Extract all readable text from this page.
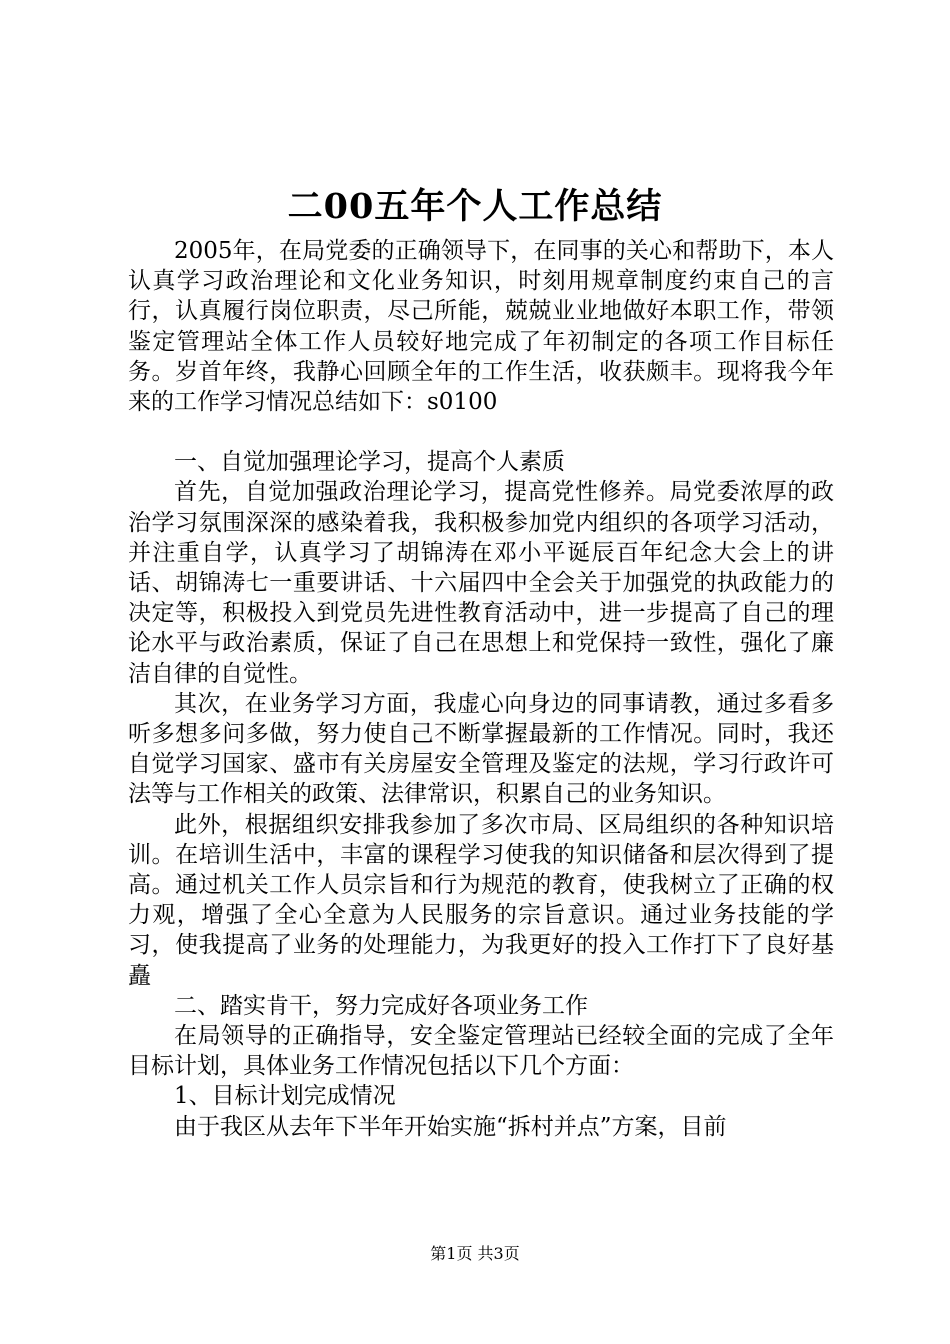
二00五年个人工作总结

2005年，在局党委的正确领导下，在同事的关心和帮助下，本人认真学习政治理论和文化业务知识，时刻用规章制度约束自己的言行，认真履行岗位职责，尽己所能，兢兢业业地做好本职工作，带领鉴定管理站全体工作人员较好地完成了年初制定的各项工作目标任务。岁首年终，我静心回顾全年的工作生活，收获颇丰。现将我今年来的工作学习情况总结如下：s0100

一、自觉加强理论学习，提高个人素质

首先，自觉加强政治理论学习，提高党性修养。局党委浓厚的政治学习氛围深深的感染着我，我积极参加党内组织的各项学习活动，并注重自学，认真学习了胡锦涛在邓小平诞辰百年纪念大会上的讲话、胡锦涛七一重要讲话、十六届四中全会关于加强党的执政能力的决定等，积极投入到党员先进性教育活动中，进一步提高了自己的理论水平与政治素质，保证了自己在思想上和党保持一致性，强化了廉洁自律的自觉性。

其次，在业务学习方面，我虚心向身边的同事请教，通过多看多听多想多问多做，努力使自己不断掌握最新的工作情况。同时，我还自觉学习国家、盛市有关房屋安全管理及鉴定的法规，学习行政许可法等与工作相关的政策、法律常识，积累自己的业务知识。

此外，根据组织安排我参加了多次市局、区局组织的各种知识培训。在培训生活中，丰富的课程学习使我的知识储备和层次得到了提高。通过机关工作人员宗旨和行为规范的教育，使我树立了正确的权力观，增强了全心全意为人民服务的宗旨意识。通过业务技能的学习，使我提高了业务的处理能力，为我更好的投入工作打下了良好基矗

二、踏实肯干，努力完成好各项业务工作

在局领导的正确指导，安全鉴定管理站已经较全面的完成了全年目标计划，具体业务工作情况包括以下几个方面：

1、目标计划完成情况

由于我区从去年下半年开始实施“拆村并点”方案，目前

第1页 共3页
